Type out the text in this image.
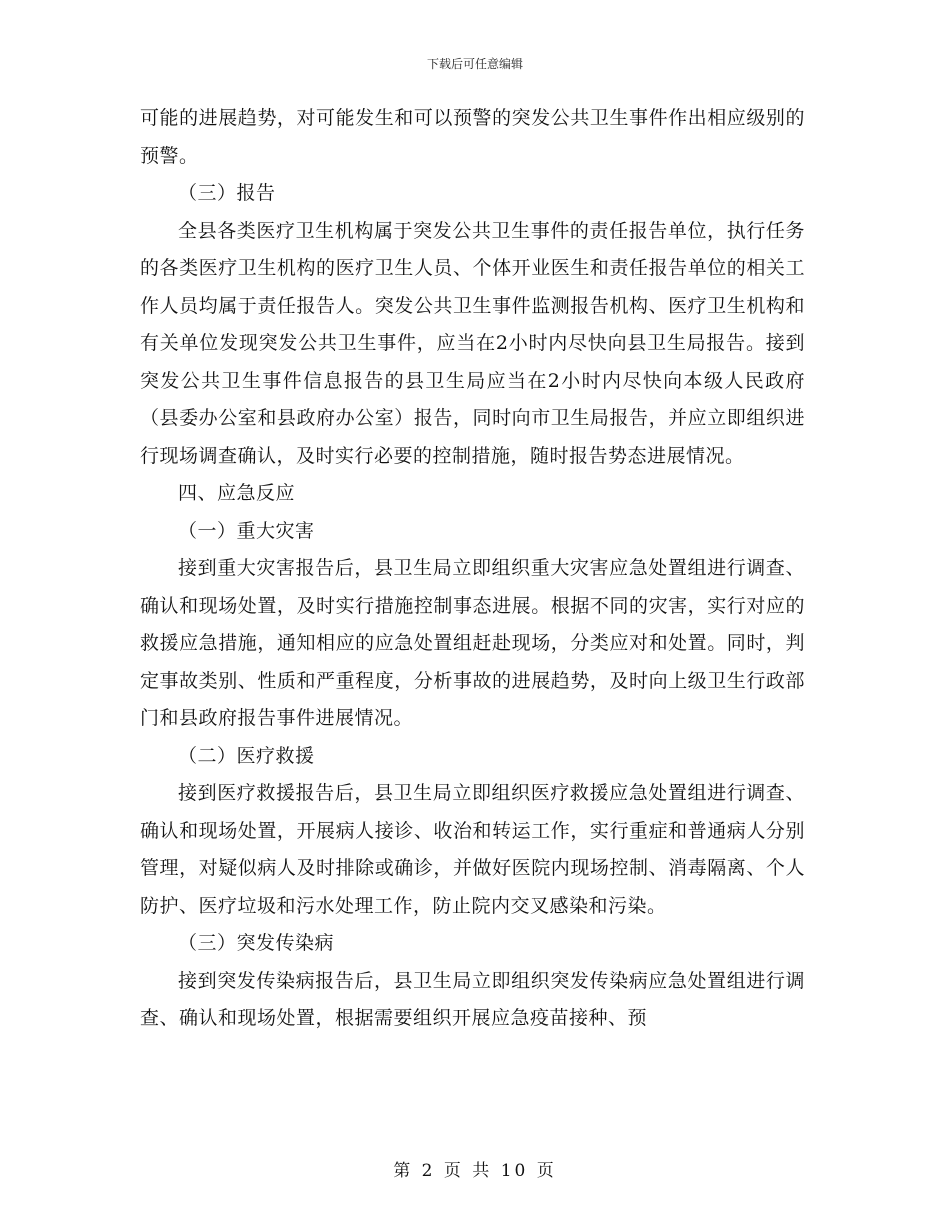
下载后可任意编辑

可能的进展趋势，对可能发生和可以预警的突发公共卫生事件作出相应级别的预警。

（三）报告

全县各类医疗卫生机构属于突发公共卫生事件的责任报告单位，执行任务的各类医疗卫生机构的医疗卫生人员、个体开业医生和责任报告单位的相关工作人员均属于责任报告人。突发公共卫生事件监测报告机构、医疗卫生机构和有关单位发现突发公共卫生事件，应当在2小时内尽快向县卫生局报告。接到突发公共卫生事件信息报告的县卫生局应当在2小时内尽快向本级人民政府（县委办公室和县政府办公室）报告，同时向市卫生局报告，并应立即组织进行现场调查确认，及时实行必要的控制措施，随时报告势态进展情况。

四、应急反应

（一）重大灾害

接到重大灾害报告后，县卫生局立即组织重大灾害应急处置组进行调查、确认和现场处置，及时实行措施控制事态进展。根据不同的灾害，实行对应的救援应急措施，通知相应的应急处置组赶赴现场，分类应对和处置。同时，判定事故类别、性质和严重程度，分析事故的进展趋势，及时向上级卫生行政部门和县政府报告事件进展情况。

（二）医疗救援

接到医疗救援报告后，县卫生局立即组织医疗救援应急处置组进行调查、确认和现场处置，开展病人接诊、收治和转运工作，实行重症和普通病人分别管理，对疑似病人及时排除或确诊，并做好医院内现场控制、消毒隔离、个人防护、医疗垃圾和污水处理工作，防止院内交叉感染和污染。

（三）突发传染病

接到突发传染病报告后，县卫生局立即组织突发传染病应急处置组进行调查、确认和现场处置，根据需要组织开展应急疫苗接种、预

第 2 页 共 10 页
